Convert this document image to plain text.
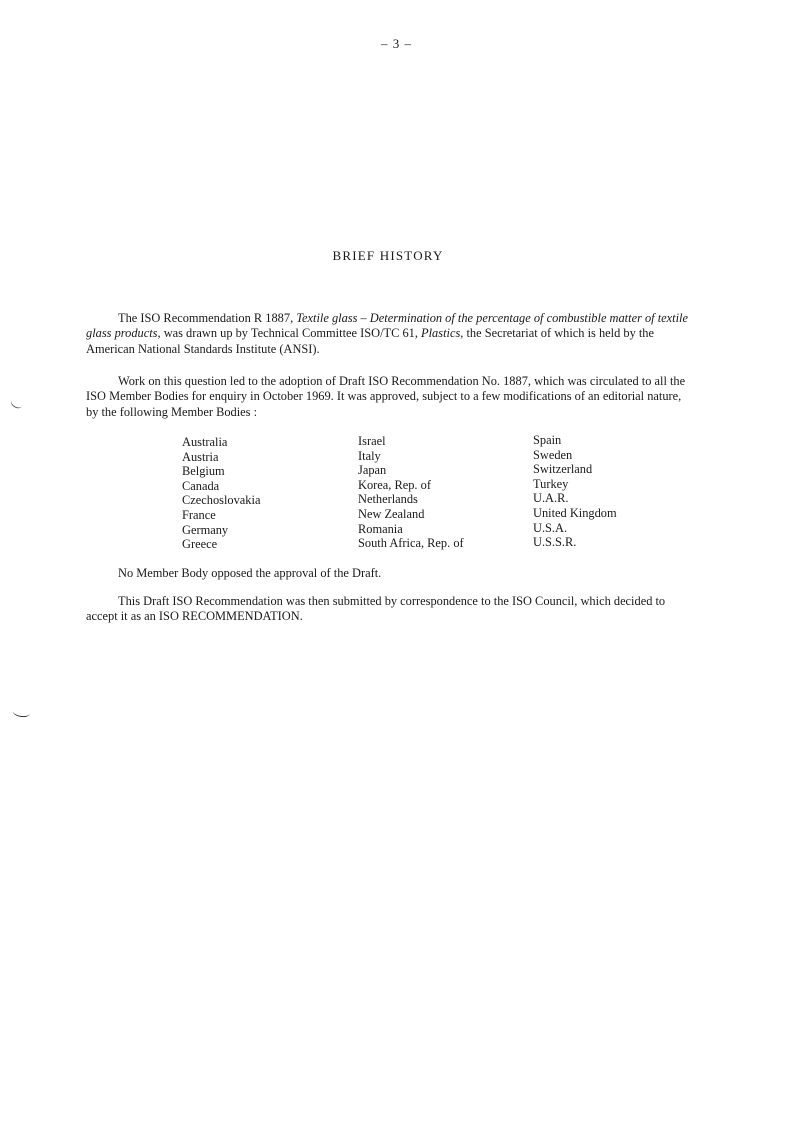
– 3 –
BRIEF HISTORY
The ISO Recommendation R 1887, Textile glass – Determination of the percentage of combustible matter of textile glass products, was drawn up by Technical Committee ISO/TC 61, Plastics, the Secretariat of which is held by the American National Standards Institute (ANSI).
Work on this question led to the adoption of Draft ISO Recommendation No. 1887, which was circulated to all the ISO Member Bodies for enquiry in October 1969. It was approved, subject to a few modifications of an editorial nature, by the following Member Bodies :
Australia
Austria
Belgium
Canada
Czechoslovakia
France
Germany
Greece
Israel
Italy
Japan
Korea, Rep. of
Netherlands
New Zealand
Romania
South Africa, Rep. of
Spain
Sweden
Switzerland
Turkey
U.A.R.
United Kingdom
U.S.A.
U.S.S.R.
No Member Body opposed the approval of the Draft.
This Draft ISO Recommendation was then submitted by correspondence to the ISO Council, which decided to accept it as an ISO RECOMMENDATION.
